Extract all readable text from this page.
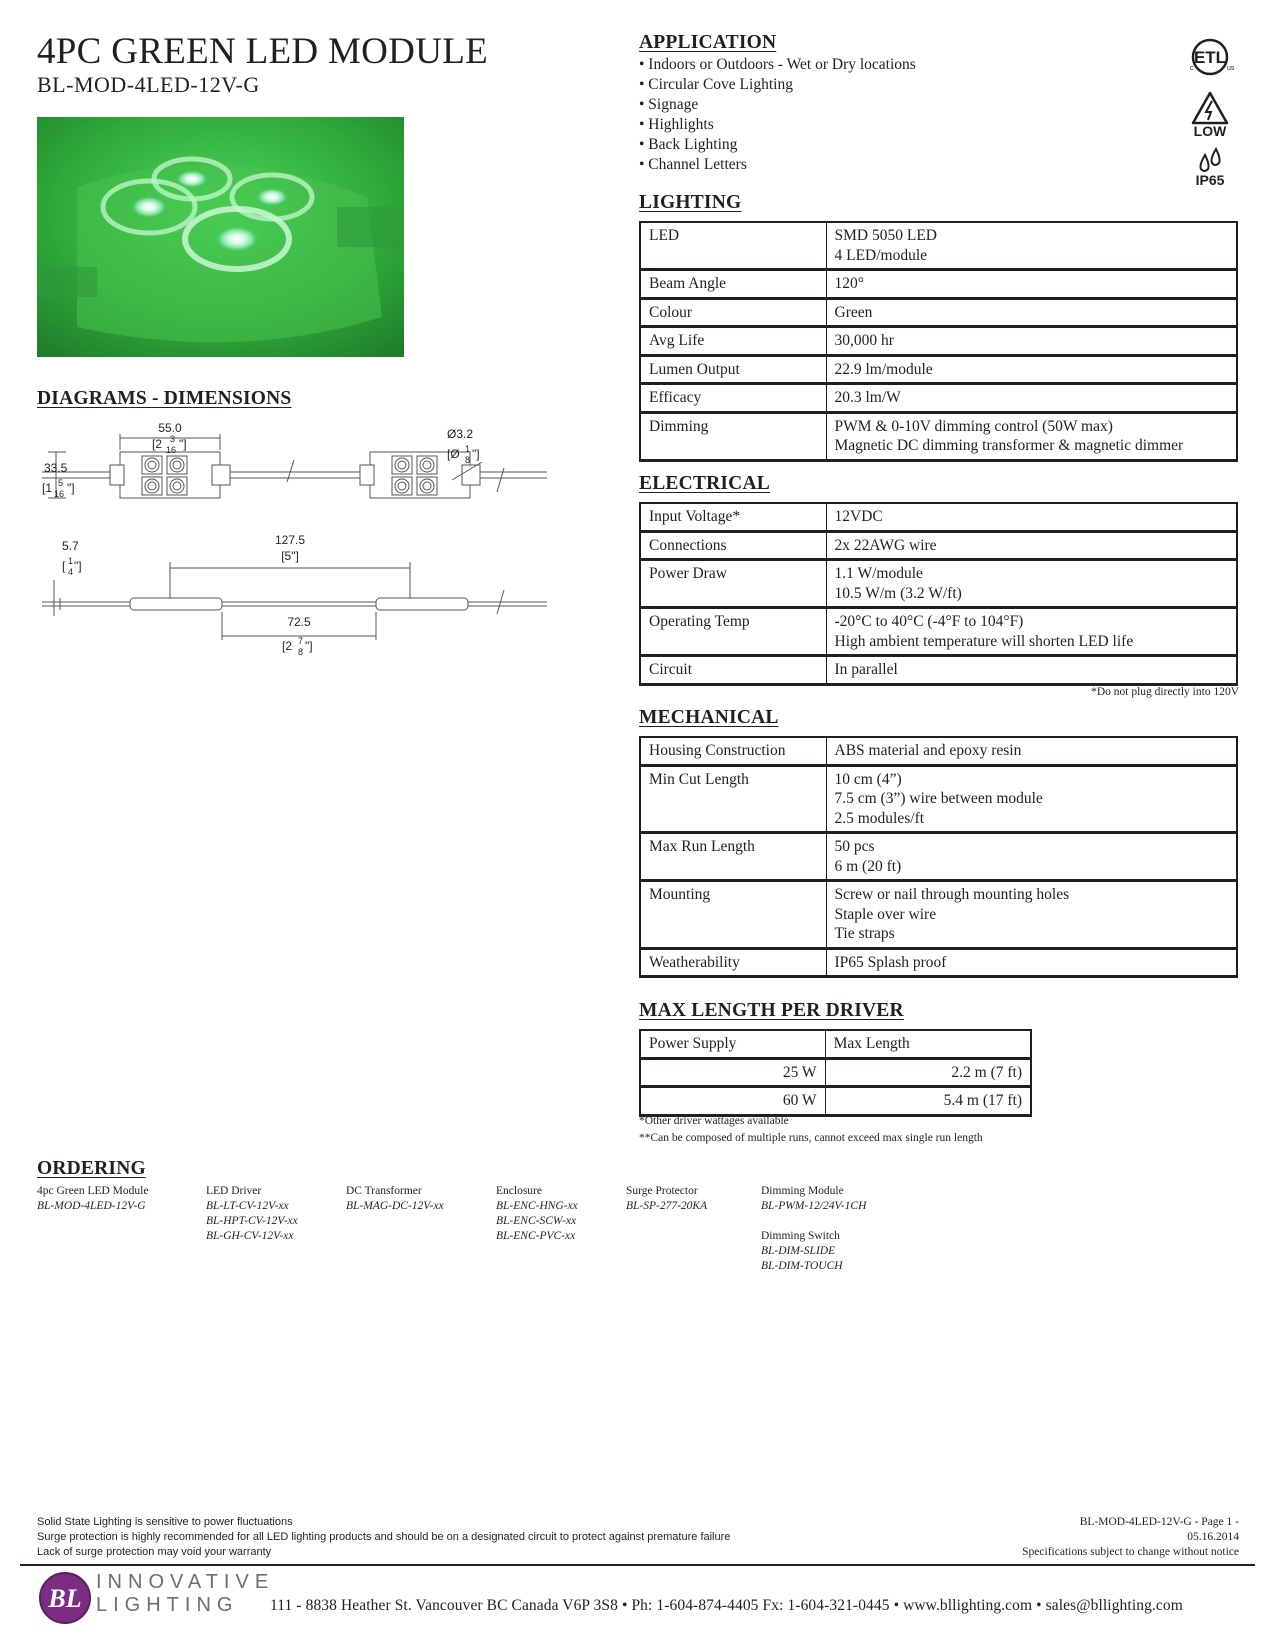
4PC GREEN LED MODULE
BL-MOD-4LED-12V-G
APPLICATION
• Indoors or Outdoors - Wet or Dry locations
• Circular Cove Lighting
• Signage
• Highlights
• Back Lighting
• Channel Letters
ETL
c	us
LOW
IP65
LIGHTING
LED	SMD 5050 LED
4 LED/module

Beam Angle	120°

Colour	Green

Avg Life	30,000 hr

Lumen Output	22.9 lm/module

Efficacy	20.3 lm/W

Dimming	PWM & 0-10V dimming control (50W max)
Magnetic DC dimming transformer & magnetic dimmer
ELECTRICAL
Input Voltage*	12VDC

Connections	2x 22AWG wire

Power Draw	1.1 W/module
10.5 W/m (3.2 W/ft)

Operating Temp	-20°C to 40°C (-4°F to 104°F)
High ambient temperature will shorten LED life

Circuit	In parallel
*Do not plug directly into 120V
MECHANICAL
Housing Construction	ABS material and epoxy resin

Min Cut Length	10 cm (4”)
7.5 cm (3”) wire between module
2.5 modules/ft

Max Run Length	50 pcs
6 m (20 ft)

Mounting	Screw or nail through mounting holes
Staple over wire
Tie straps

Weatherability	IP65 Splash proof
MAX LENGTH PER DRIVER
Power Supply	Max Length
25 W	2.2 m (7 ft)
60 W	5.4 m (17 ft)
*Other driver wattages available
**Can be composed of multiple runs, cannot exceed max single run length
DIAGRAMS - DIMENSIONS
55.0
[2 3
16 "]
33.5
[1 5
16 "]
Ø3.2
[Ø 1
8 "]
5.7
[ 1
4 "]
127.5
[5"]
72.5
[2 7
8 "]
ORDERING
4pc Green LED Module
BL-MOD-4LED-12V-G
LED Driver
BL-LT-CV-12V-xx
BL-HPT-CV-12V-xx
BL-GH-CV-12V-xx
DC Transformer
BL-MAG-DC-12V-xx
Enclosure
BL-ENC-HNG-xx
BL-ENC-SCW-xx
BL-ENC-PVC-xx
Surge Protector
BL-SP-277-20KA
Dimming Module
BL-PWM-12/24V-1CH
Dimming Switch
BL-DIM-SLIDE
BL-DIM-TOUCH
Solid State Lighting is sensitive to power fluctuations
Surge protection is highly recommended for all LED lighting products and should be on a designated circuit to protect against premature failure
Lack of surge protection may void your warranty
BL-MOD-4LED-12V-G - Page 1 -
05.16.2014
Specifications subject to change without notice
BL
INNOVATIVE
LIGHTING	111 - 8838 Heather St. Vancouver BC Canada V6P 3S8 • Ph: 1-604-874-4405 Fx: 1-604-321-0445 • www.bllighting.com • sales@bllighting.com
